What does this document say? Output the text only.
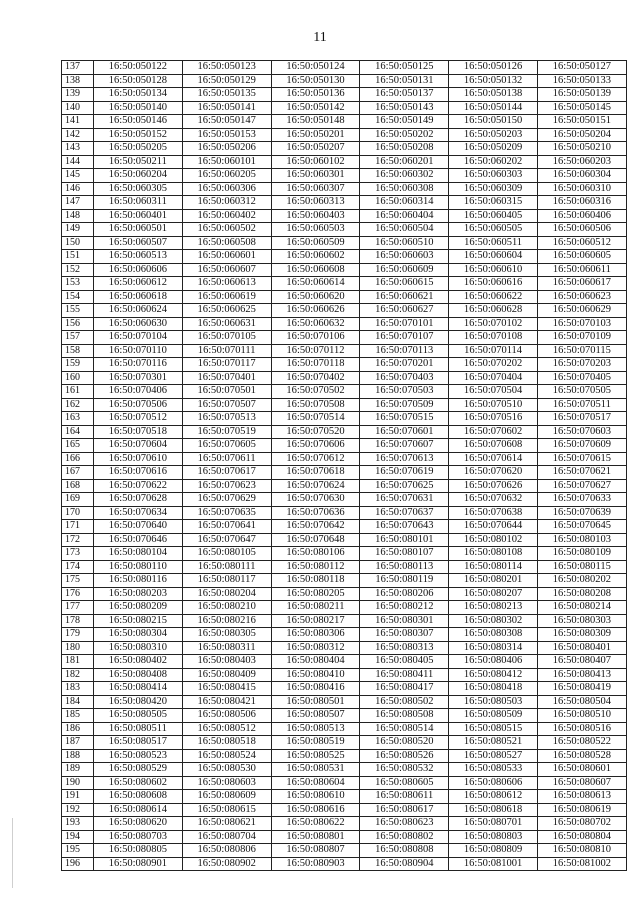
11
137	16:50:050122	16:50:050123	16:50:050124	16:50:050125	16:50:050126	16:50:050127
138	16:50:050128	16:50:050129	16:50:050130	16:50:050131	16:50:050132	16:50:050133
139	16:50:050134	16:50:050135	16:50:050136	16:50:050137	16:50:050138	16:50:050139
140	16:50:050140	16:50:050141	16:50:050142	16:50:050143	16:50:050144	16:50:050145
141	16:50:050146	16:50:050147	16:50:050148	16:50:050149	16:50:050150	16:50:050151
142	16:50:050152	16:50:050153	16:50:050201	16:50:050202	16:50:050203	16:50:050204
143	16:50:050205	16:50:050206	16:50:050207	16:50:050208	16:50:050209	16:50:050210
144	16:50:050211	16:50:060101	16:50:060102	16:50:060201	16:50:060202	16:50:060203
145	16:50:060204	16:50:060205	16:50:060301	16:50:060302	16:50:060303	16:50:060304
146	16:50:060305	16:50:060306	16:50:060307	16:50:060308	16:50:060309	16:50:060310
147	16:50:060311	16:50:060312	16:50:060313	16:50:060314	16:50:060315	16:50:060316
148	16:50:060401	16:50:060402	16:50:060403	16:50:060404	16:50:060405	16:50:060406
149	16:50:060501	16:50:060502	16:50:060503	16:50:060504	16:50:060505	16:50:060506
150	16:50:060507	16:50:060508	16:50:060509	16:50:060510	16:50:060511	16:50:060512
151	16:50:060513	16:50:060601	16:50:060602	16:50:060603	16:50:060604	16:50:060605
152	16:50:060606	16:50:060607	16:50:060608	16:50:060609	16:50:060610	16:50:060611
153	16:50:060612	16:50:060613	16:50:060614	16:50:060615	16:50:060616	16:50:060617
154	16:50:060618	16:50:060619	16:50:060620	16:50:060621	16:50:060622	16:50:060623
155	16:50:060624	16:50:060625	16:50:060626	16:50:060627	16:50:060628	16:50:060629
156	16:50:060630	16:50:060631	16:50:060632	16:50:070101	16:50:070102	16:50:070103
157	16:50:070104	16:50:070105	16:50:070106	16:50:070107	16:50:070108	16:50:070109
158	16:50:070110	16:50:070111	16:50:070112	16:50:070113	16:50:070114	16:50:070115
159	16:50:070116	16:50:070117	16:50:070118	16:50:070201	16:50:070202	16:50:070203
160	16:50:070301	16:50:070401	16:50:070402	16:50:070403	16:50:070404	16:50:070405
161	16:50:070406	16:50:070501	16:50:070502	16:50:070503	16:50:070504	16:50:070505
162	16:50:070506	16:50:070507	16:50:070508	16:50:070509	16:50:070510	16:50:070511
163	16:50:070512	16:50:070513	16:50:070514	16:50:070515	16:50:070516	16:50:070517
164	16:50:070518	16:50:070519	16:50:070520	16:50:070601	16:50:070602	16:50:070603
165	16:50:070604	16:50:070605	16:50:070606	16:50:070607	16:50:070608	16:50:070609
166	16:50:070610	16:50:070611	16:50:070612	16:50:070613	16:50:070614	16:50:070615
167	16:50:070616	16:50:070617	16:50:070618	16:50:070619	16:50:070620	16:50:070621
168	16:50:070622	16:50:070623	16:50:070624	16:50:070625	16:50:070626	16:50:070627
169	16:50:070628	16:50:070629	16:50:070630	16:50:070631	16:50:070632	16:50:070633
170	16:50:070634	16:50:070635	16:50:070636	16:50:070637	16:50:070638	16:50:070639
171	16:50:070640	16:50:070641	16:50:070642	16:50:070643	16:50:070644	16:50:070645
172	16:50:070646	16:50:070647	16:50:070648	16:50:080101	16:50:080102	16:50:080103
173	16:50:080104	16:50:080105	16:50:080106	16:50:080107	16:50:080108	16:50:080109
174	16:50:080110	16:50:080111	16:50:080112	16:50:080113	16:50:080114	16:50:080115
175	16:50:080116	16:50:080117	16:50:080118	16:50:080119	16:50:080201	16:50:080202
176	16:50:080203	16:50:080204	16:50:080205	16:50:080206	16:50:080207	16:50:080208
177	16:50:080209	16:50:080210	16:50:080211	16:50:080212	16:50:080213	16:50:080214
178	16:50:080215	16:50:080216	16:50:080217	16:50:080301	16:50:080302	16:50:080303
179	16:50:080304	16:50:080305	16:50:080306	16:50:080307	16:50:080308	16:50:080309
180	16:50:080310	16:50:080311	16:50:080312	16:50:080313	16:50:080314	16:50:080401
181	16:50:080402	16:50:080403	16:50:080404	16:50:080405	16:50:080406	16:50:080407
182	16:50:080408	16:50:080409	16:50:080410	16:50:080411	16:50:080412	16:50:080413
183	16:50:080414	16:50:080415	16:50:080416	16:50:080417	16:50:080418	16:50:080419
184	16:50:080420	16:50:080421	16:50:080501	16:50:080502	16:50:080503	16:50:080504
185	16:50:080505	16:50:080506	16:50:080507	16:50:080508	16:50:080509	16:50:080510
186	16:50:080511	16:50:080512	16:50:080513	16:50:080514	16:50:080515	16:50:080516
187	16:50:080517	16:50:080518	16:50:080519	16:50:080520	16:50:080521	16:50:080522
188	16:50:080523	16:50:080524	16:50:080525	16:50:080526	16:50:080527	16:50:080528
189	16:50:080529	16:50:080530	16:50:080531	16:50:080532	16:50:080533	16:50:080601
190	16:50:080602	16:50:080603	16:50:080604	16:50:080605	16:50:080606	16:50:080607
191	16:50:080608	16:50:080609	16:50:080610	16:50:080611	16:50:080612	16:50:080613
192	16:50:080614	16:50:080615	16:50:080616	16:50:080617	16:50:080618	16:50:080619
193	16:50:080620	16:50:080621	16:50:080622	16:50:080623	16:50:080701	16:50:080702
194	16:50:080703	16:50:080704	16:50:080801	16:50:080802	16:50:080803	16:50:080804
195	16:50:080805	16:50:080806	16:50:080807	16:50:080808	16:50:080809	16:50:080810
196	16:50:080901	16:50:080902	16:50:080903	16:50:080904	16:50:081001	16:50:081002
